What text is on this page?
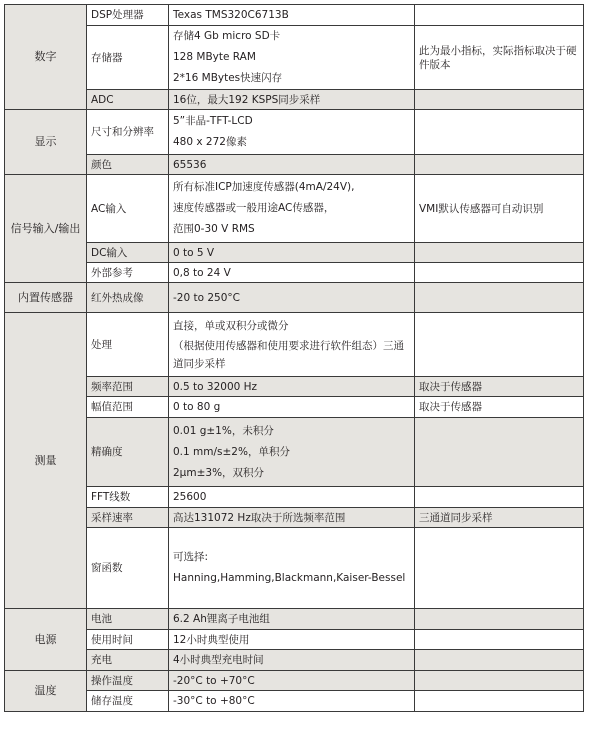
数字	DSP处理器	Texas TMS320C6713B	
	存储器	存储4 Gb micro SD卡
128 MByte RAM
2*16 MBytes快速闪存	此为最小指标，实际指标取决于硬件版本
	ADC	16位，最大192 KSPS同步采样	
显示	尺寸和分辨率	5”非晶-TFT-LCD
480 x 272像素	

	颜色	65536	
信号输入/输出	AC输入	所有标准ICP加速度传感器(4mA/24V),
速度传感器或一般用途AC传感器，
范围0-30 V RMS	VMI默认传感器可自动识别
	DC输入	0 to 5 V	
	外部参考	0,8 to 24 V	
内置传感器	红外热成像	-20 to 250°C	
测量	处理	直接，单或双积分或微分
（根据使用传感器和使用要求进行软件组态）三通道同步采样	

	频率范围	0.5 to 32000 Hz	取决于传感器
	幅值范围	0 to 80 g	取决于传感器
	精确度	0.01 g±1%，未积分
0.1 mm/s±2%，单积分
2µm±3%，双积分	

	FFT线数	25600	
	采样速率	高达131072 Hz取决于所选频率范围	三通道同步采样
	窗函数	可选择:
Hanning,Hamming,Blackmann,Kaiser-Bessel	

电源	电池	6.2 Ah锂离子电池组	
	使用时间	12小时典型使用	
	充电	4小时典型充电时间	
温度	操作温度	-20°C to +70°C	
	储存温度	-30°C to +80°C	
